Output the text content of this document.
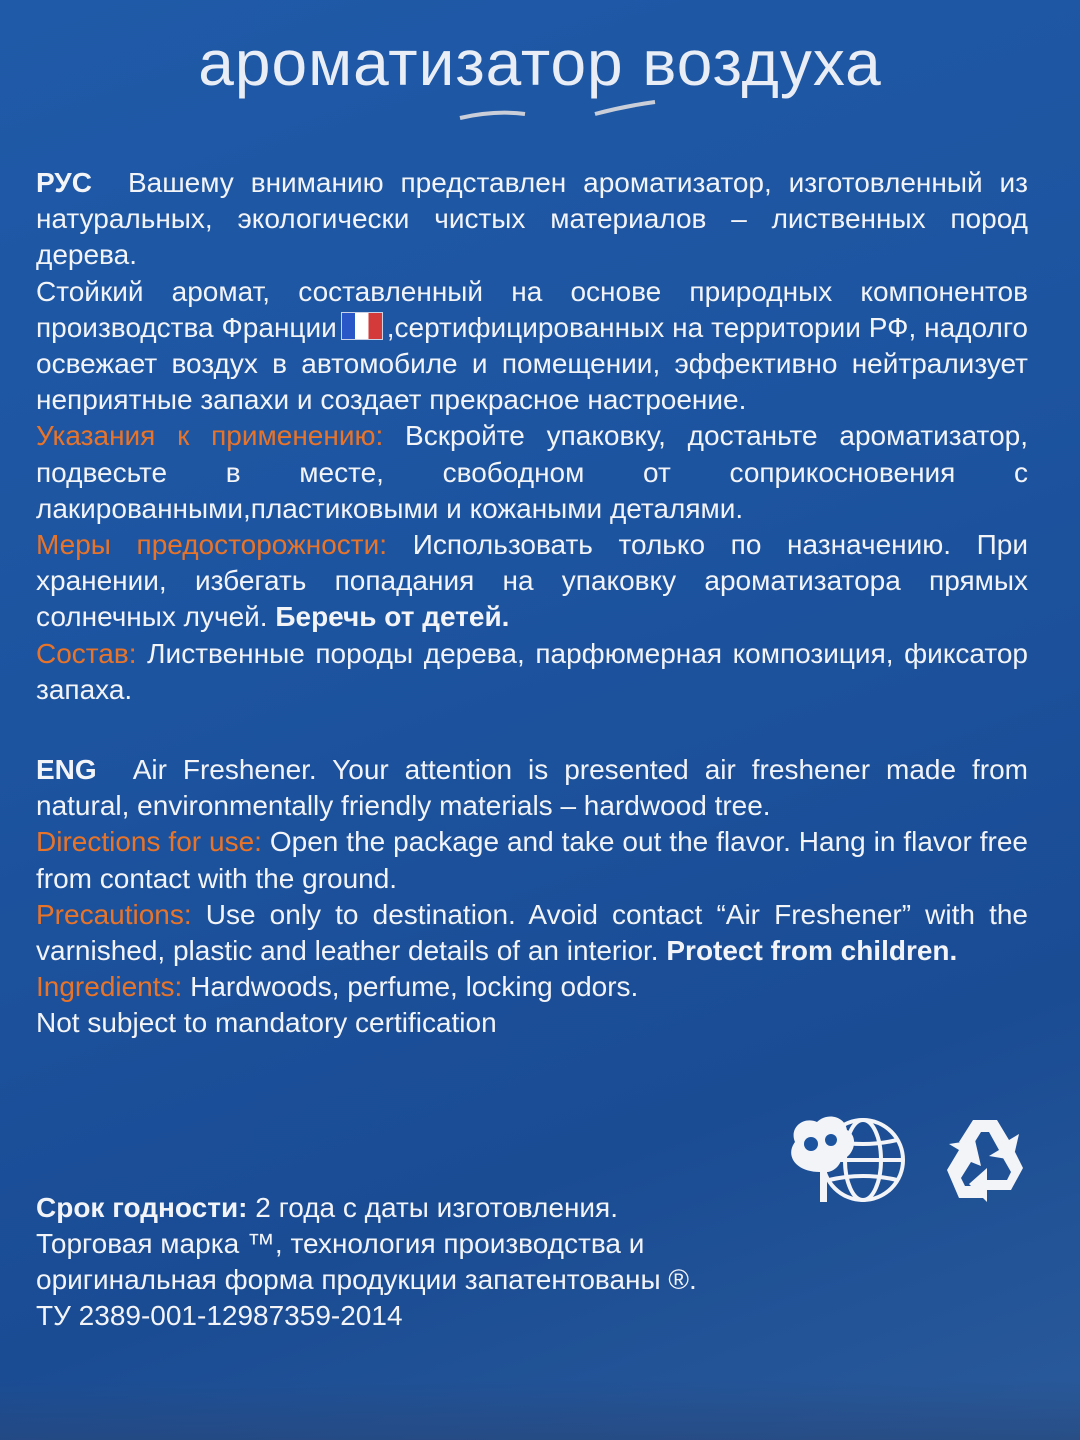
ароматизатор воздуха

РУС Вашему вниманию представлен ароматизатор, изготовленный из натуральных, экологически чистых материалов – лиственных пород дерева.

Стойкий аромат, составленный на основе природных компонентов производства Франции ,сертифицированных на территории РФ, надолго освежает воздух в автомобиле и помещении, эффективно нейтрализует неприятные запахи и создает прекрасное настроение.

Указания к применению: Вскройте упаковку, достаньте ароматизатор, подвесьте в месте, свободном от соприкосновения с лакированными,пластиковыми и кожаными деталями.

Меры предосторожности: Использовать только по назначению. При хранении, избегать попадания на упаковку ароматизатора прямых солнечных лучей. Беречь от детей.

Состав: Лиственные породы дерева, парфюмерная композиция, фиксатор запаха.

ENG Air Freshener. Your attention is presented air freshener made from natural, environmentally friendly materials – hardwood tree.

Directions for use: Open the package and take out the flavor. Hang in flavor free from contact with the ground.

Precautions: Use only to destination. Avoid contact “Air Freshener” with the varnished, plastic and leather details of an interior. Protect from children.

Ingredients: Hardwoods, perfume, locking odors.

Not subject to mandatory certification

Срок годности: 2 года с даты изготовления.
Торговая марка ™, технология производства и
оригинальная форма продукции запатентованы ®.
ТУ 2389-001-12987359-2014
